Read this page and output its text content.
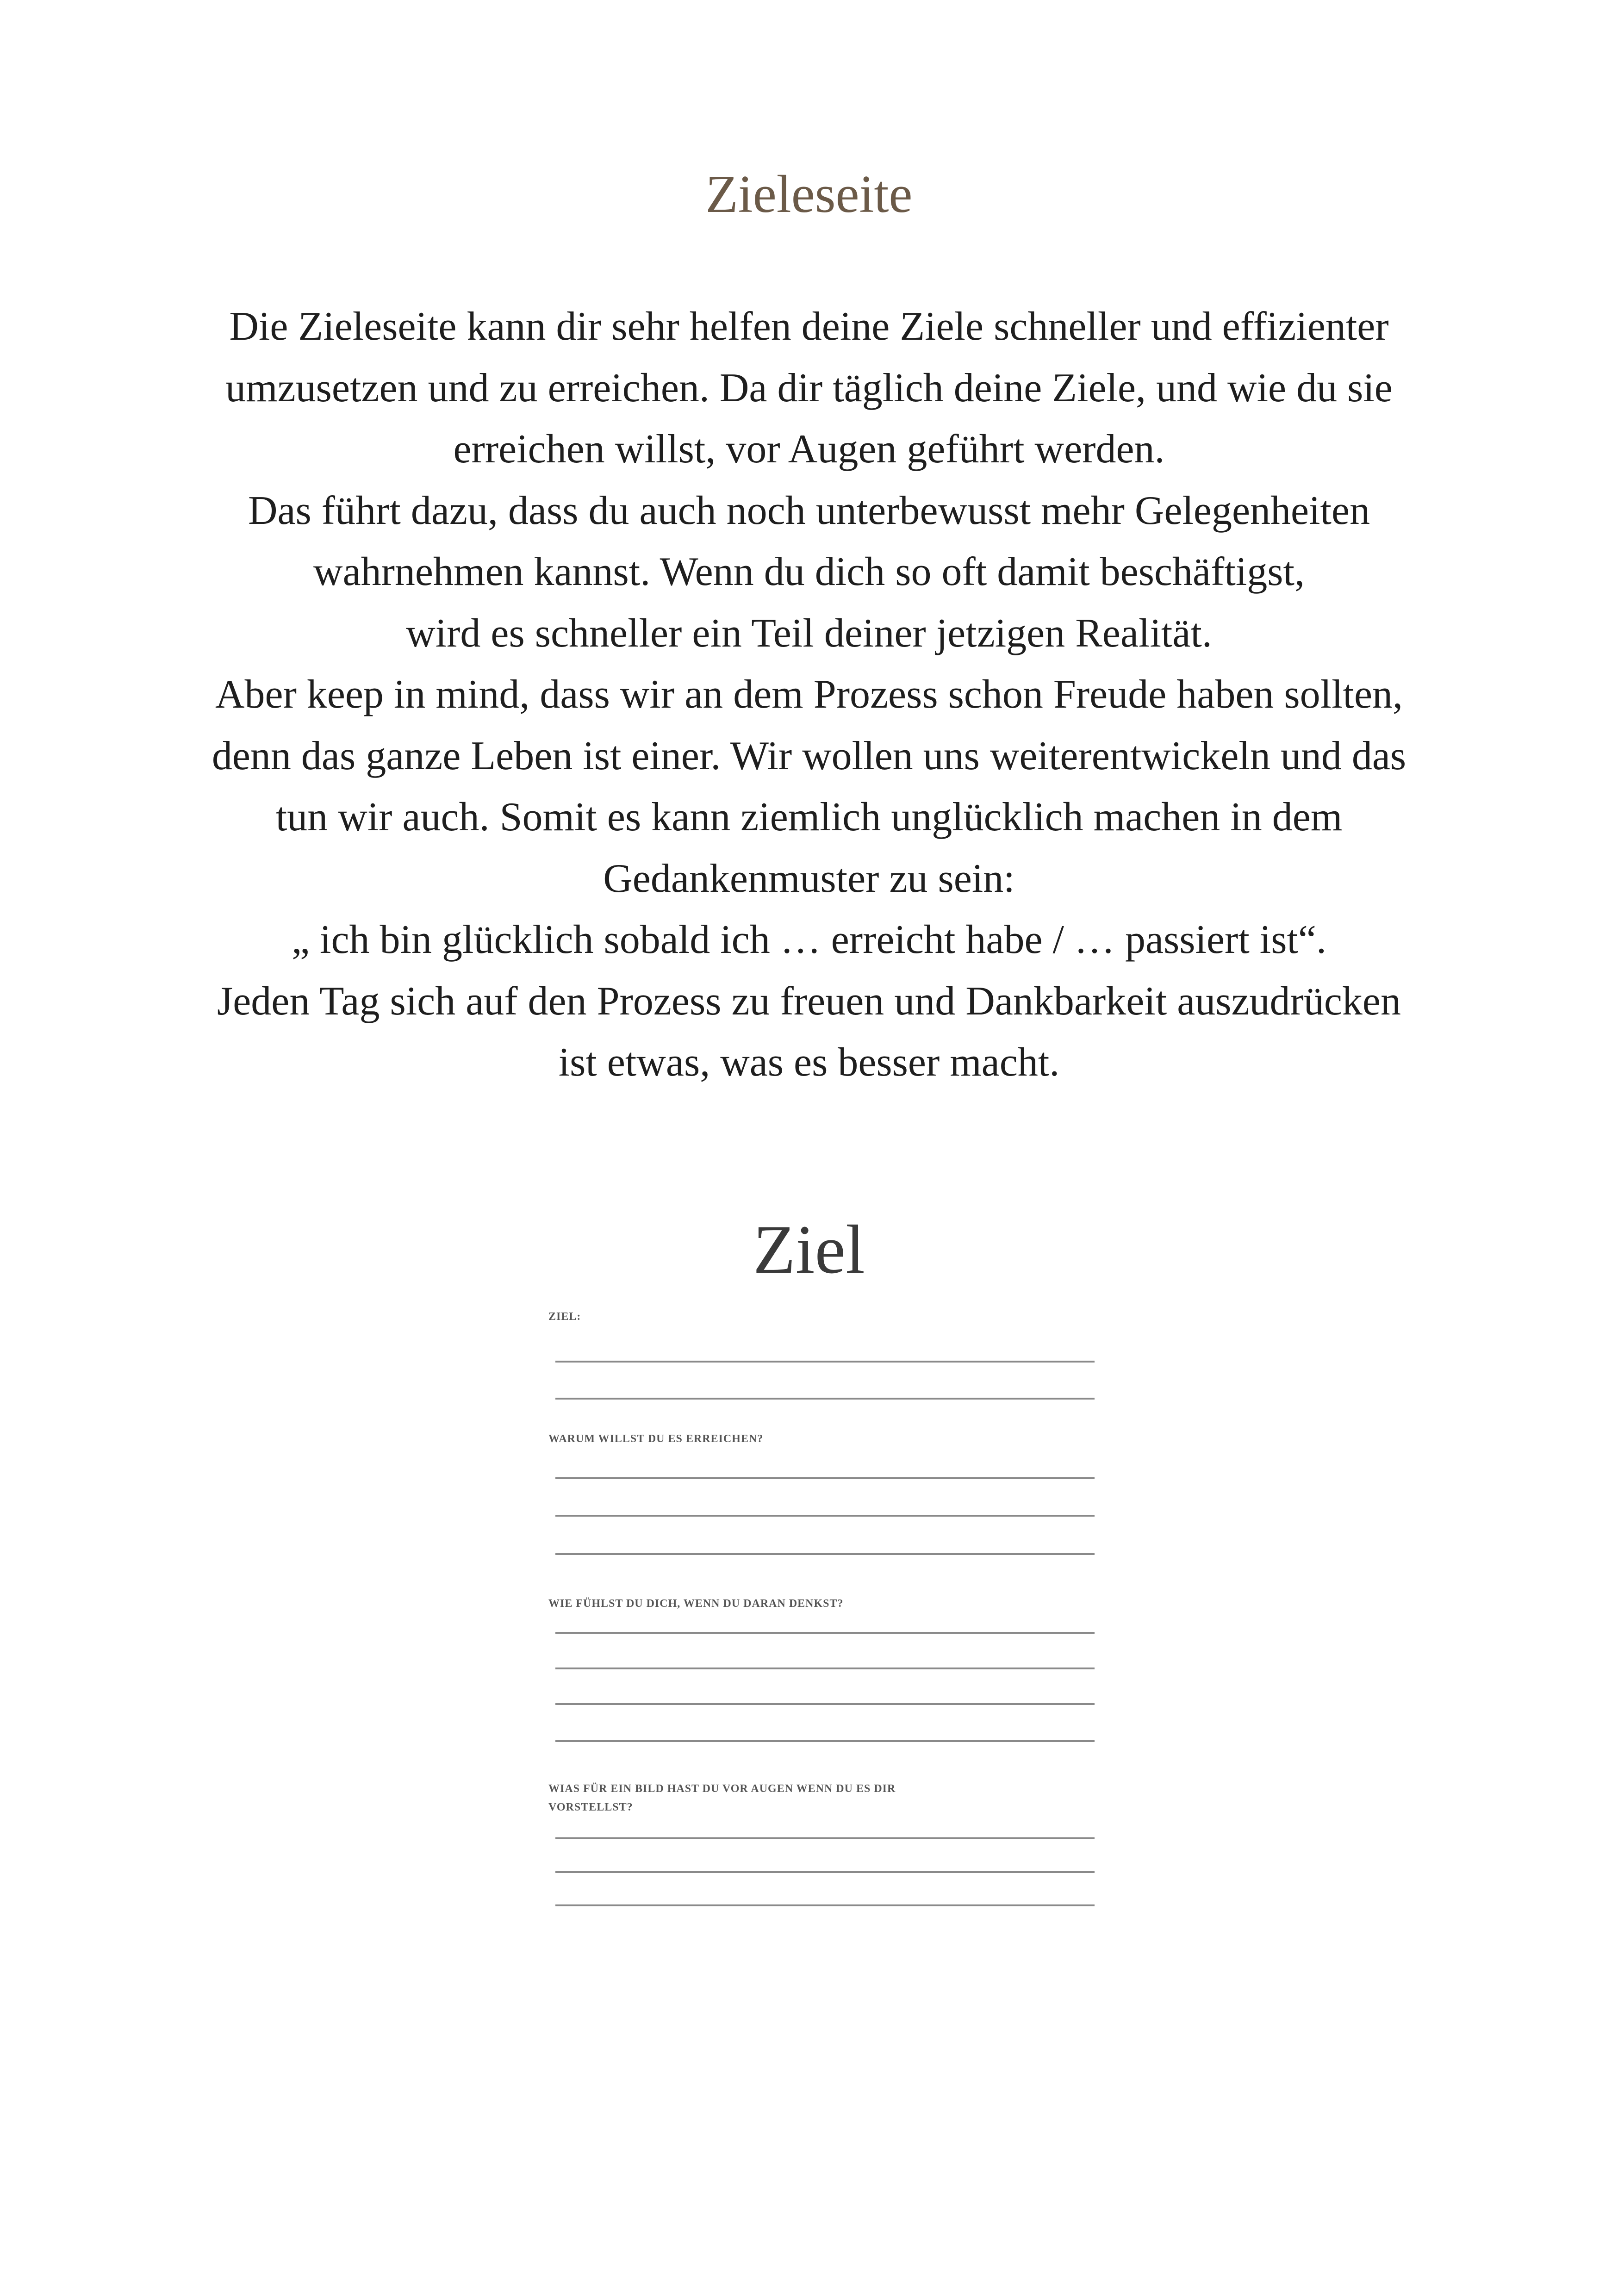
Zieleseite
Die Zieleseite kann dir sehr helfen deine Ziele schneller und effizienter
umzusetzen und zu erreichen. Da dir täglich deine Ziele, und wie du sie
erreichen willst, vor Augen geführt werden.
Das führt dazu, dass du auch noch unterbewusst mehr Gelegenheiten
wahrnehmen kannst. Wenn du dich so oft damit beschäftigst,
wird es schneller ein Teil deiner jetzigen Realität.
Aber keep in mind, dass wir an dem Prozess schon Freude haben sollten,
denn das ganze Leben ist einer. Wir wollen uns weiterentwickeln und das
tun wir auch. Somit es kann ziemlich unglücklich machen in dem
Gedankenmuster zu sein:
„ ich bin glücklich sobald ich … erreicht habe / … passiert ist“.
Jeden Tag sich auf den Prozess zu freuen und Dankbarkeit auszudrücken
ist etwas, was es besser macht.
Ziel
ZIEL:
WARUM WILLST DU ES ERREICHEN?
WIE FÜHLST DU DICH, WENN DU DARAN DENKST?
WIAS FÜR EIN BILD HAST DU VOR AUGEN WENN DU ES DIR
VORSTELLST?
